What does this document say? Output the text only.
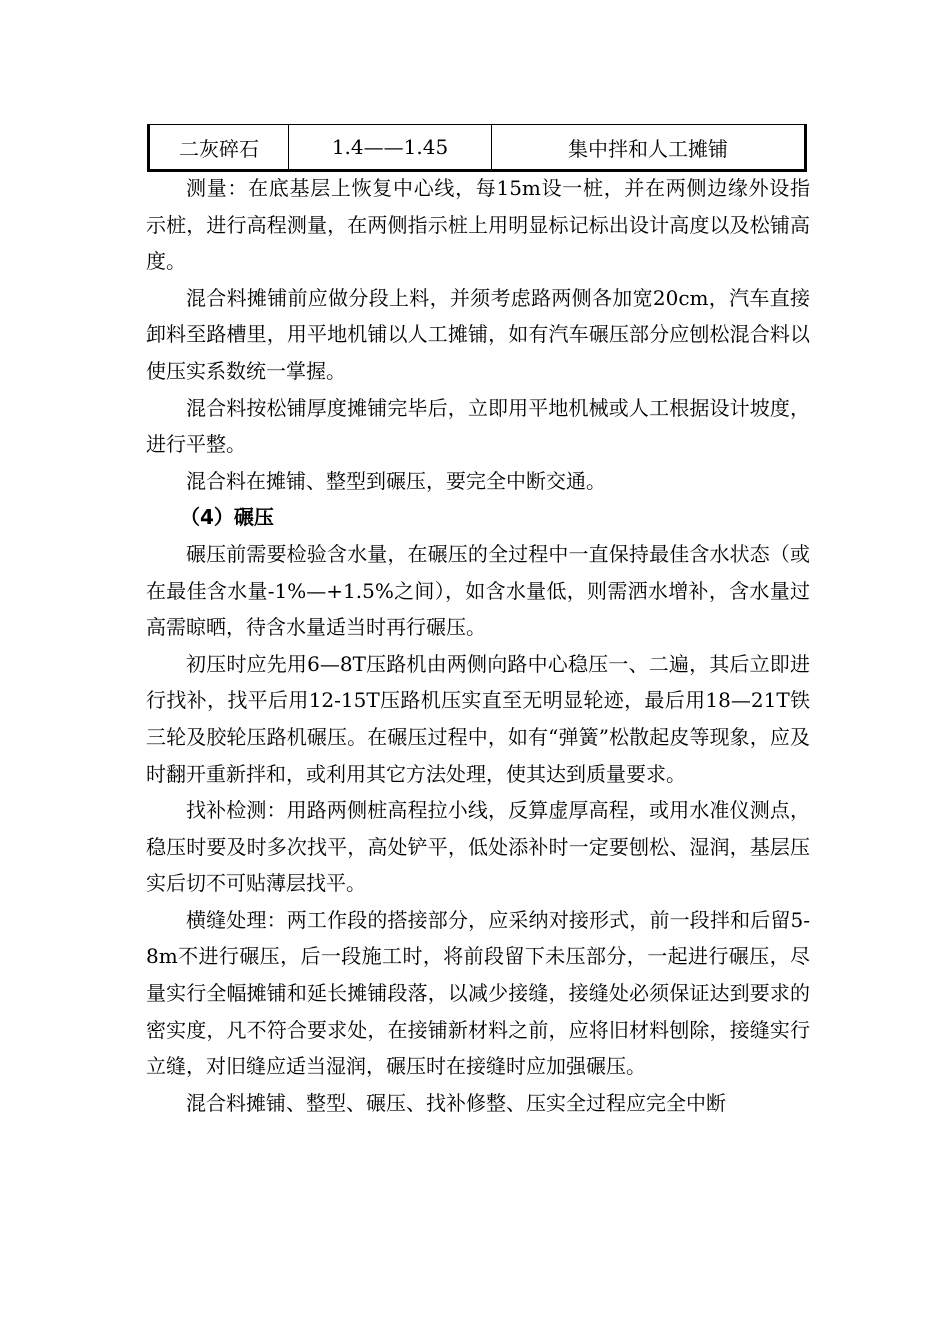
二灰碎石	1.4——1.45	集中拌和人工摊铺

测量：在底基层上恢复中心线，每15m设一桩，并在两侧边缘外设指示桩，进行高程测量，在两侧指示桩上用明显标记标出设计高度以及松铺高度。

混合料摊铺前应做分段上料，并须考虑路两侧各加宽20cm，汽车直接卸料至路槽里，用平地机铺以人工摊铺，如有汽车碾压部分应刨松混合料以使压实系数统一掌握。

混合料按松铺厚度摊铺完毕后，立即用平地机械或人工根据设计坡度，进行平整。

混合料在摊铺、整型到碾压，要完全中断交通。

（4）碾压

碾压前需要检验含水量，在碾压的全过程中一直保持最佳含水状态（或在最佳含水量-1%—+1.5%之间），如含水量低，则需洒水增补，含水量过高需晾晒，待含水量适当时再行碾压。

初压时应先用6—8T压路机由两侧向路中心稳压一、二遍，其后立即进行找补，找平后用12-15T压路机压实直至无明显轮迹，最后用18—21T铁三轮及胶轮压路机碾压。在碾压过程中，如有“弹簧”松散起皮等现象，应及时翻开重新拌和，或利用其它方法处理，使其达到质量要求。

找补检测：用路两侧桩高程拉小线，反算虚厚高程，或用水准仪测点，稳压时要及时多次找平，高处铲平，低处添补时一定要刨松、湿润，基层压实后切不可贴薄层找平。

横缝处理：两工作段的搭接部分，应采纳对接形式，前一段拌和后留5-8m不进行碾压，后一段施工时，将前段留下未压部分，一起进行碾压，尽量实行全幅摊铺和延长摊铺段落，以减少接缝，接缝处必须保证达到要求的密实度，凡不符合要求处，在接铺新材料之前，应将旧材料刨除，接缝实行立缝，对旧缝应适当湿润，碾压时在接缝时应加强碾压。

混合料摊铺、整型、碾压、找补修整、压实全过程应完全中断
